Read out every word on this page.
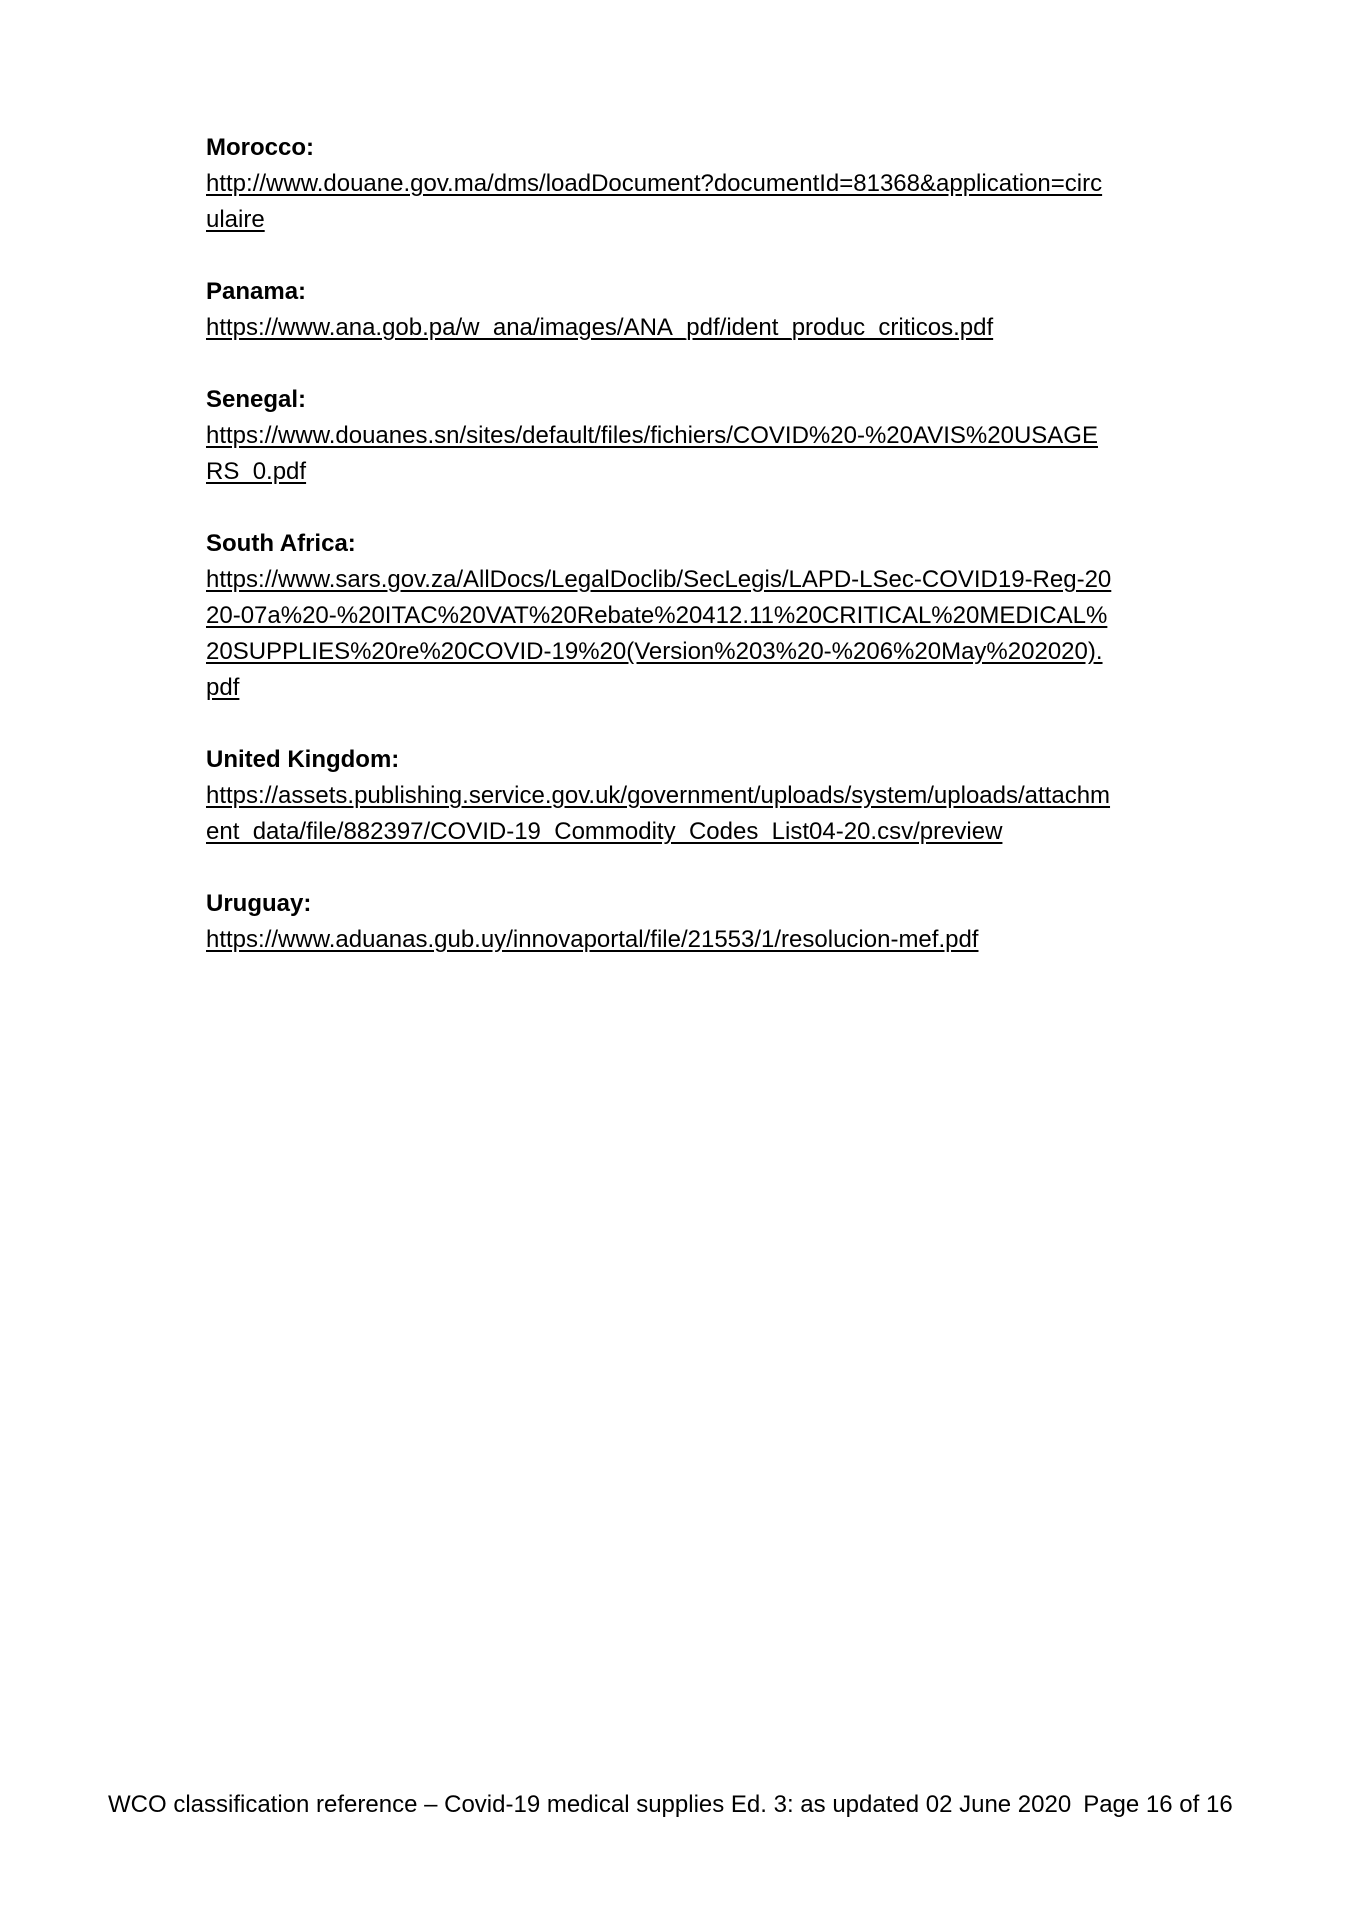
Morocco:
http://www.douane.gov.ma/dms/loadDocument?documentId=81368&application=circ
ulaire
Panama:
https://www.ana.gob.pa/w_ana/images/ANA_pdf/ident_produc_criticos.pdf
Senegal:
https://www.douanes.sn/sites/default/files/fichiers/COVID%20-%20AVIS%20USAGE
RS_0.pdf
South Africa:
https://www.sars.gov.za/AllDocs/LegalDoclib/SecLegis/LAPD-LSec-COVID19-Reg-20
20-07a%20-%20ITAC%20VAT%20Rebate%20412.11%20CRITICAL%20MEDICAL%
20SUPPLIES%20re%20COVID-19%20(Version%203%20-%206%20May%202020).
pdf
United Kingdom:
https://assets.publishing.service.gov.uk/government/uploads/system/uploads/attachm
ent_data/file/882397/COVID-19_Commodity_Codes_List04-20.csv/preview
Uruguay:
https://www.aduanas.gub.uy/innovaportal/file/21553/1/resolucion-mef.pdf
WCO classification reference – Covid-19 medical supplies Ed. 3: as updated 02 June 2020 Page 16 of 16
